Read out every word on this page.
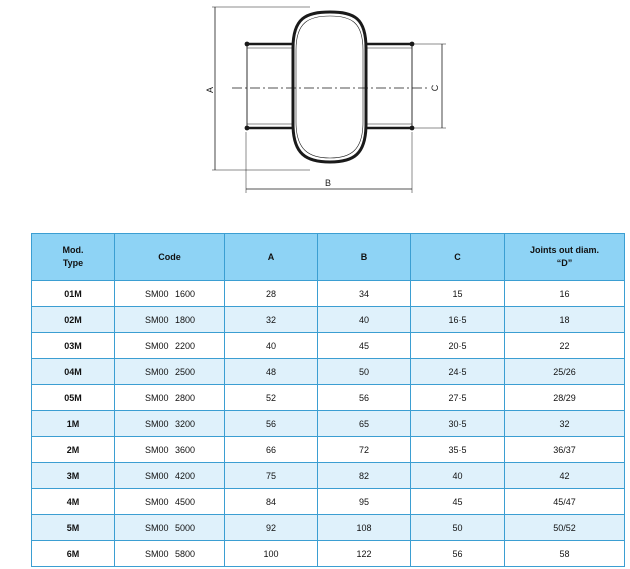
A	C
B
Mod.
Type	Code	A	B	C	Joints out diam.
“D”

01M	SM00 1600	28	34	15	16
02M	SM00 1800	32	40	16·5	18
03M	SM00 2200	40	45	20·5	22
04M	SM00 2500	48	50	24·5	25/26
05M	SM00 2800	52	56	27·5	28/29
1M	SM00 3200	56	65	30·5	32
2M	SM00 3600	66	72	35·5	36/37
3M	SM00 4200	75	82	40	42
4M	SM00 4500	84	95	45	45/47
5M	SM00 5000	92	108	50	50/52
6M	SM00 5800	100	122	56	58
